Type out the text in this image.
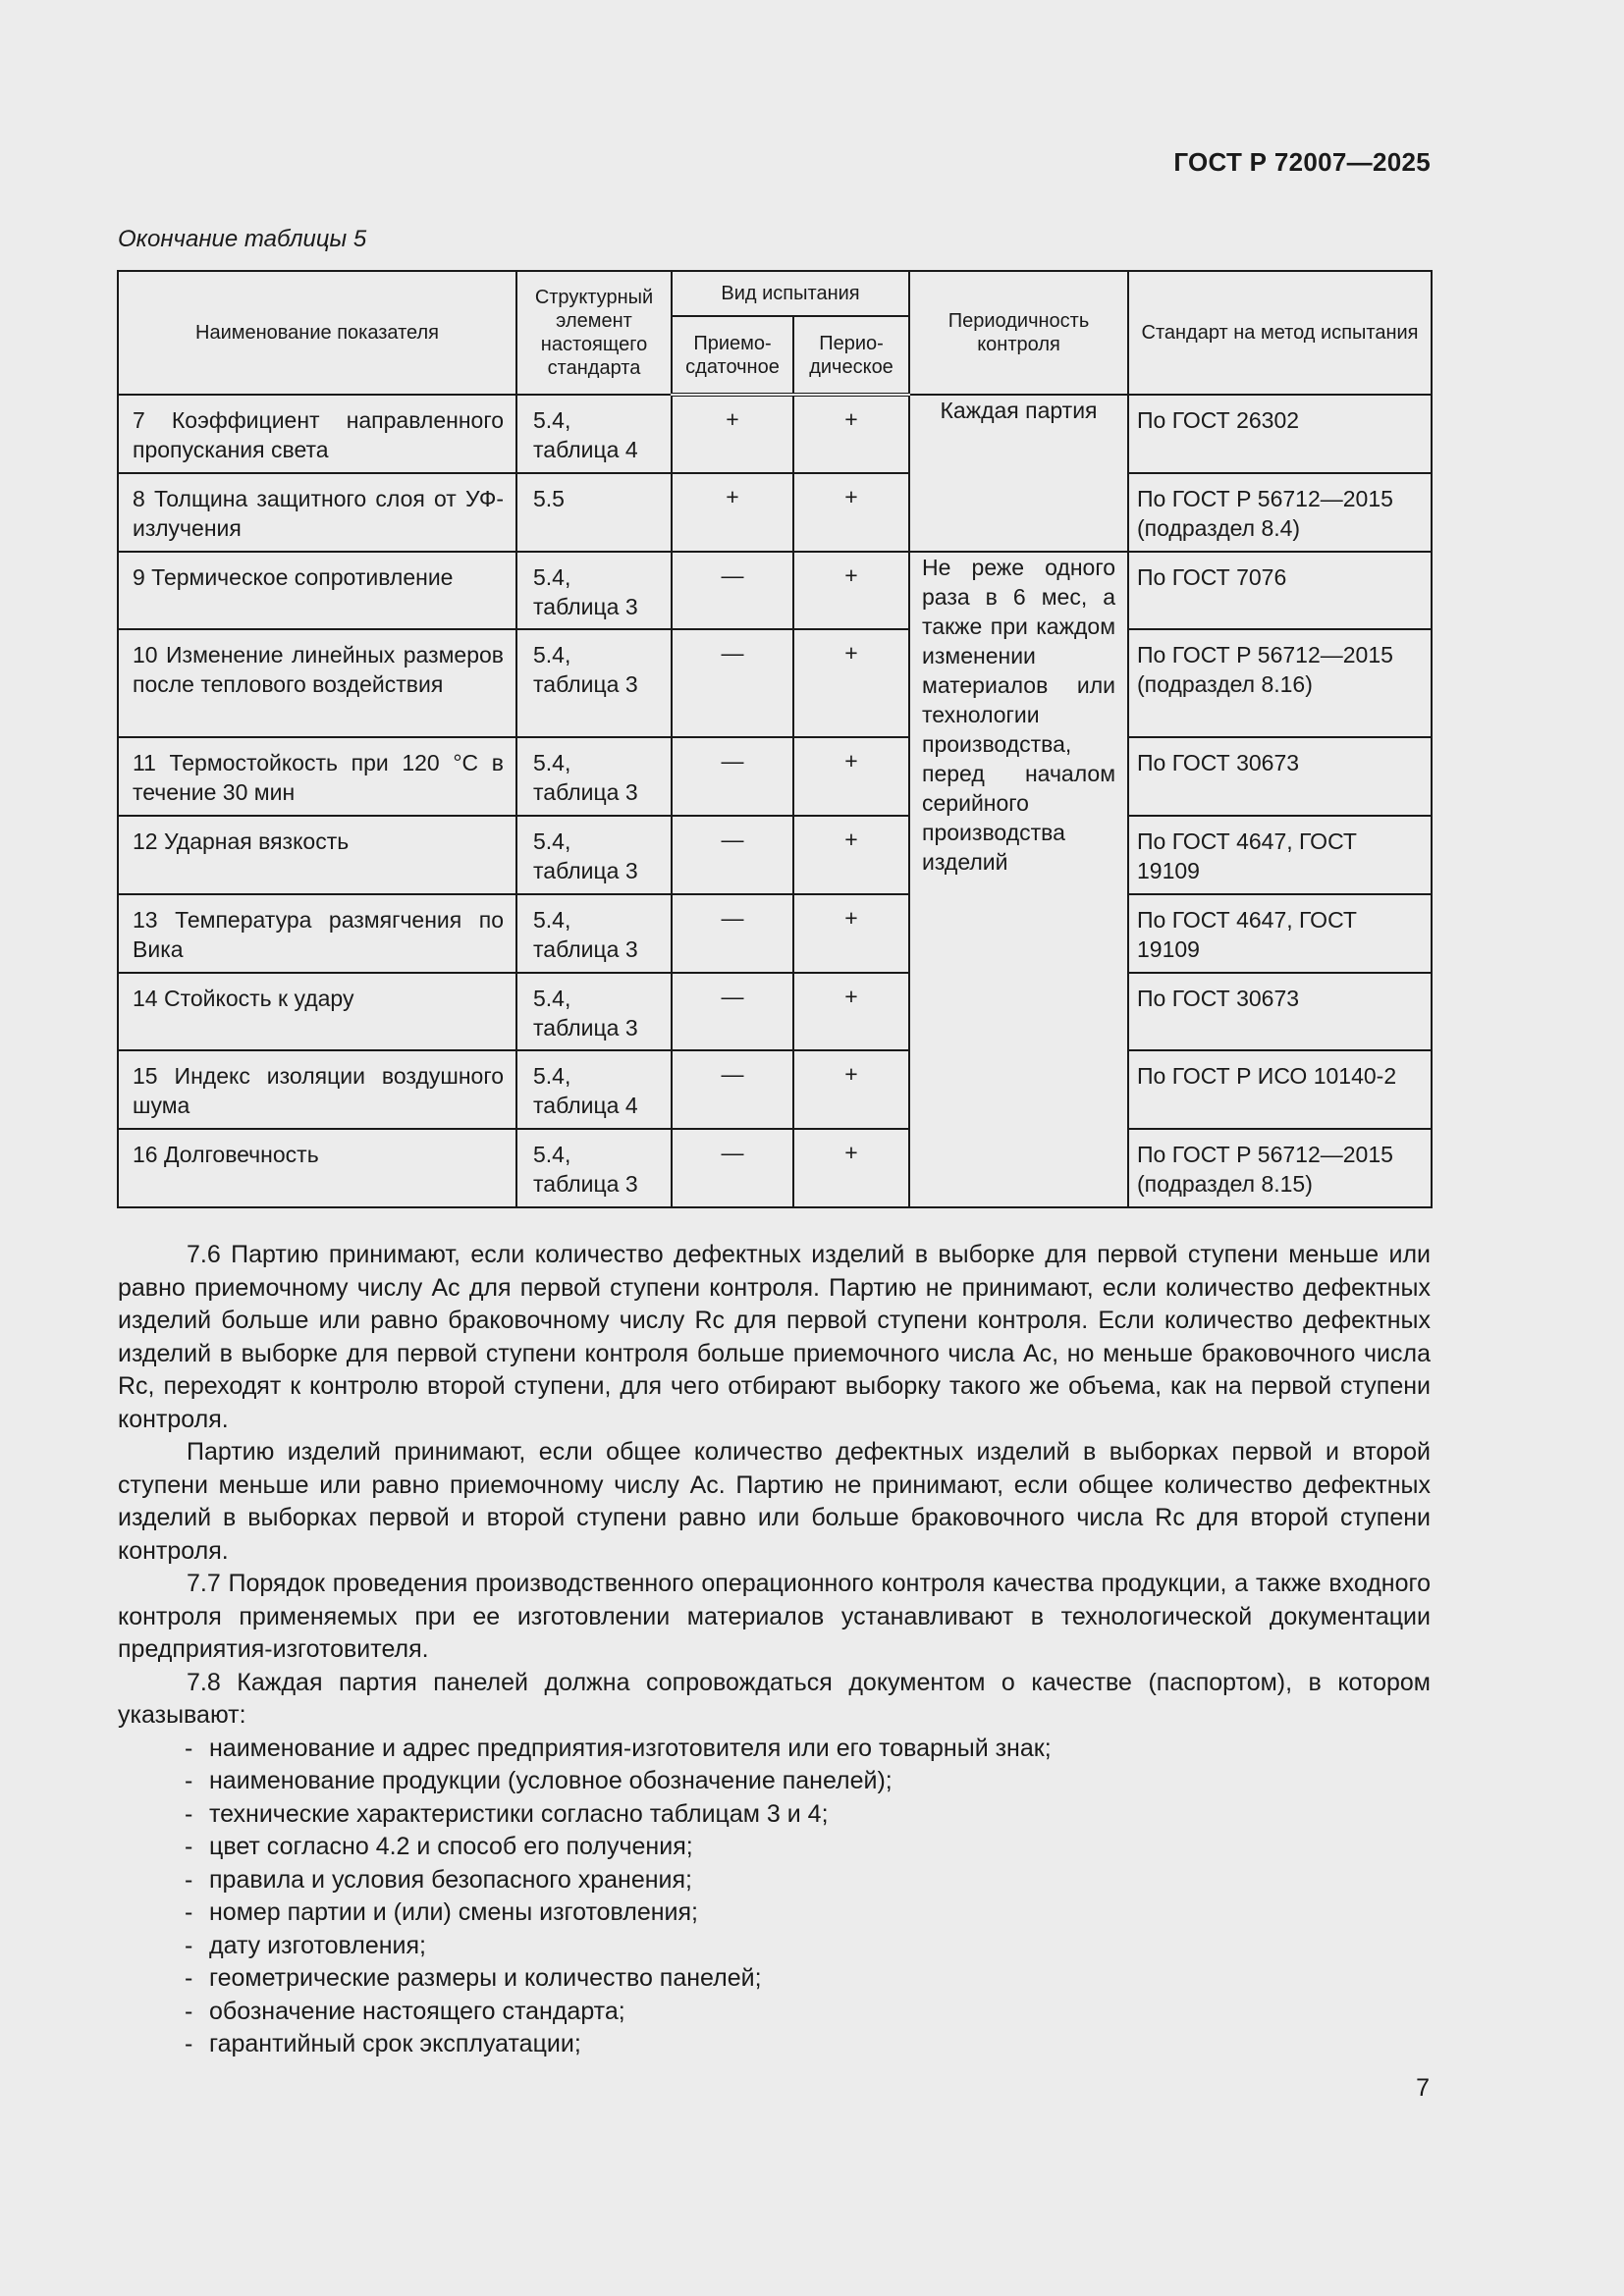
ГОСТ Р 72007—2025
Окончание таблицы 5
Наименование показателя	Структурный элемент настоящего стандарта	Вид испытания		Периодичность контроля	Стандарт на метод испытания
		Приемо-сдаточное	Перио-дическое		
7 Коэффициент направленного пропускания света	5.4, таблица 4	+	+	Каждая партия	По ГОСТ 26302
8 Толщина защитного слоя от УФ-излучения	5.5	+	+		По ГОСТ Р 56712—2015 (подраздел 8.4)
9 Термическое сопротивление	5.4, таблица 3	—	+	Не реже одного раза в 6 мес, а также при каждом изменении материалов или технологии производства, перед началом серийного производства изделий	По ГОСТ 7076
10 Изменение линейных размеров после теплового воздействия	5.4, таблица 3	—	+		По ГОСТ Р 56712—2015 (подраздел 8.16)
11 Термостойкость при 120 °С в течение 30 мин	5.4, таблица 3	—	+		По ГОСТ 30673
12 Ударная вязкость	5.4, таблица 3	—	+		По ГОСТ 4647, ГОСТ 19109
13 Температура размягчения по Вика	5.4, таблица 3	—	+		По ГОСТ 4647, ГОСТ 19109
14 Стойкость к удару	5.4, таблица 3	—	+		По ГОСТ 30673
15 Индекс изоляции воздушного шума	5.4, таблица 4	—	+		По ГОСТ Р ИСО 10140-2
16 Долговечность	5.4, таблица 3	—	+		По ГОСТ Р 56712—2015 (подраздел 8.15)

7.6 Партию принимают, если количество дефектных изделий в выборке для первой ступени меньше или равно приемочному числу Ас для первой ступени контроля. Партию не принимают, если количество дефектных изделий больше или равно браковочному числу Rc для первой ступени контроля. Если количество дефектных изделий в выборке для первой ступени контроля больше приемочного числа Ас, но меньше браковочного числа Rc, переходят к контролю второй ступени, для чего отбирают выборку такого же объема, как на первой ступени контроля.

Партию изделий принимают, если общее количество дефектных изделий в выборках первой и второй ступени меньше или равно приемочному числу Ас. Партию не принимают, если общее количество дефектных изделий в выборках первой и второй ступени равно или больше браковочного числа Rc для второй ступени контроля.

7.7 Порядок проведения производственного операционного контроля качества продукции, а также входного контроля применяемых при ее изготовлении материалов устанавливают в технологической документации предприятия-изготовителя.

7.8 Каждая партия панелей должна сопровождаться документом о качестве (паспортом), в котором указывают:

- наименование и адрес предприятия-изготовителя или его товарный знак;
- наименование продукции (условное обозначение панелей);
- технические характеристики согласно таблицам 3 и 4;
- цвет согласно 4.2 и способ его получения;
- правила и условия безопасного хранения;
- номер партии и (или) смены изготовления;
- дату изготовления;
- геометрические размеры и количество панелей;
- обозначение настоящего стандарта;
- гарантийный срок эксплуатации;
7
